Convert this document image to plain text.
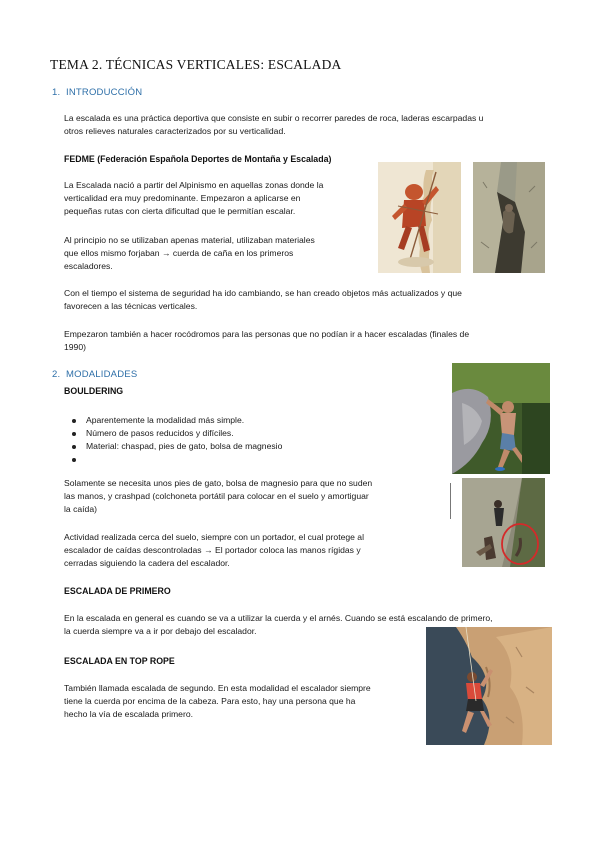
TEMA 2. TÉCNICAS VERTICALES: ESCALADA
1. INTRODUCCIÓN
La escalada es una práctica deportiva que consiste en subir o recorrer paredes de roca, laderas escarpadas u
otros relieves naturales caracterizados por su verticalidad.
FEDME (Federación Española Deportes de Montaña y Escalada)
La Escalada nació a partir del Alpinismo en aquellas zonas donde la
verticalidad era muy predominante. Empezaron a aplicarse en
pequeñas rutas con cierta dificultad que le permitían escalar.
Al principio no se utilizaban apenas material, utilizaban materiales
que ellos mismo forjaban → cuerda de caña en los primeros
escaladores.
Con el tiempo el sistema de seguridad ha ido cambiando, se han creado objetos más actualizados y que
favorecen a las técnicas verticales.
Empezaron también a hacer rocódromos para las personas que no podían ir a hacer escaladas (finales de
1990)
2. MODALIDADES
BOULDERING
Aparentemente la modalidad más simple.
Número de pasos reducidos y difíciles.
Material: chaspad, pies de gato, bolsa de magnesio
Solamente se necesita unos pies de gato, bolsa de magnesio para que no suden
las manos, y crashpad (colchoneta portátil para colocar en el suelo y amortiguar
la caída)
Actividad realizada cerca del suelo, siempre con un portador, el cual protege al
escalador de caídas descontroladas → El portador coloca las manos rígidas y
cerradas siguiendo la cadera del escalador.
ESCALADA DE PRIMERO
En la escalada en general es cuando se va a utilizar la cuerda y el arnés. Cuando se está escalando de primero,
la cuerda siempre va a ir por debajo del escalador.
ESCALADA EN TOP ROPE
También llamada escalada de segundo. En esta modalidad el escalador siempre
tiene la cuerda por encima de la cabeza. Para esto, hay una persona que ha
hecho la vía de escalada primero.
